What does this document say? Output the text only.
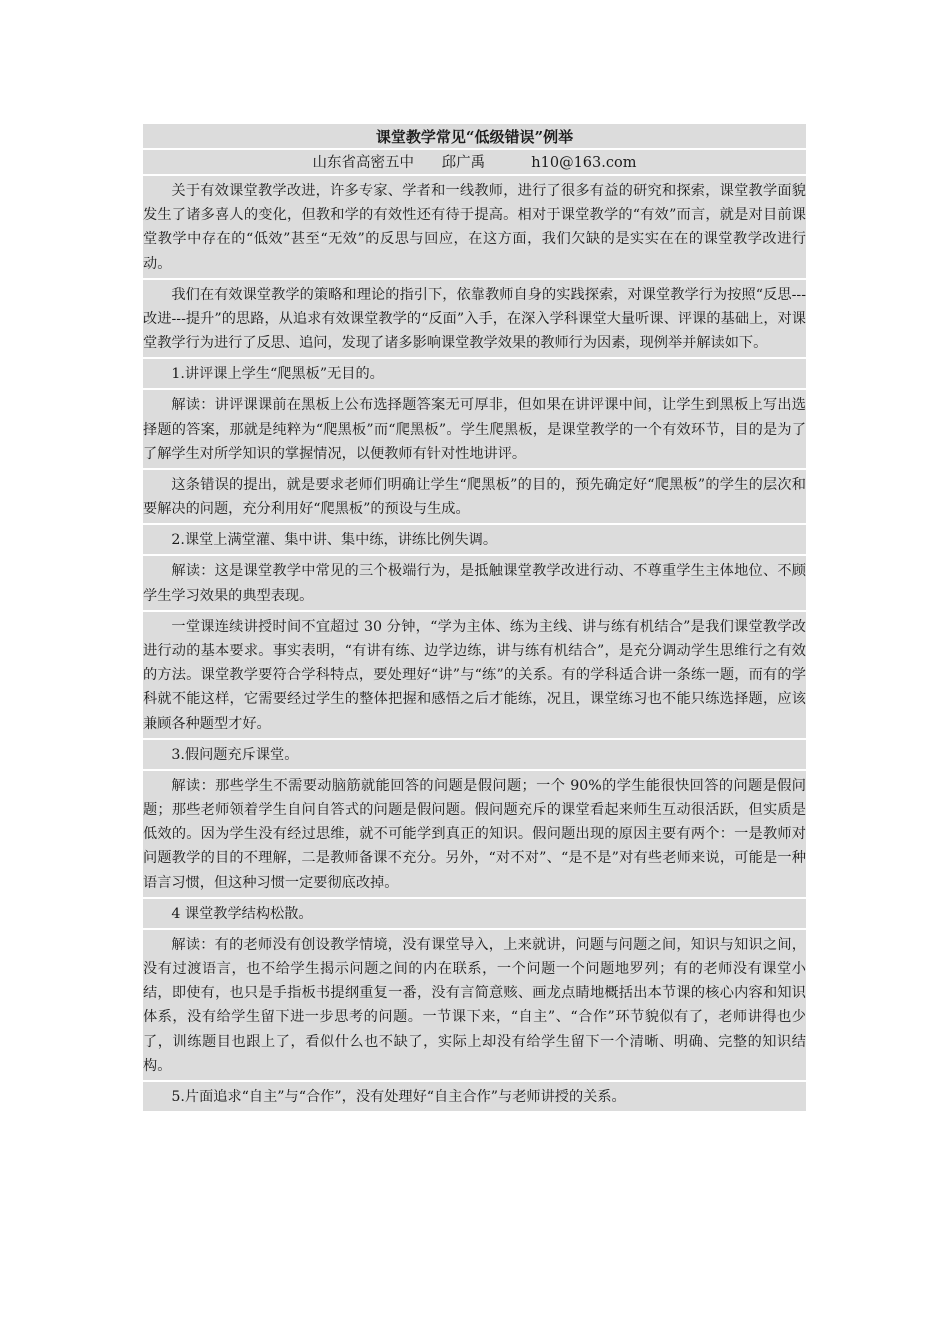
课堂教学常见“低级错误”例举
山东省高密五中      邱广禹          h10@163.com

关于有效课堂教学改进，许多专家、学者和一线教师，进行了很多有益的研究和探索，课堂教学面貌发生了诸多喜人的变化，但教和学的有效性还有待于提高。相对于课堂教学的“有效”而言，就是对目前课堂教学中存在的“低效”甚至“无效”的反思与回应，在这方面，我们欠缺的是实实在在的课堂教学改进行动。

我们在有效课堂教学的策略和理论的指引下，依靠教师自身的实践探索，对课堂教学行为按照“反思---改进---提升”的思路，从追求有效课堂教学的“反面”入手，在深入学科课堂大量听课、评课的基础上，对课堂教学行为进行了反思、追问，发现了诸多影响课堂教学效果的教师行为因素，现例举并解读如下。

1.讲评课上学生“爬黑板”无目的。

解读：讲评课课前在黑板上公布选择题答案无可厚非，但如果在讲评课中间，让学生到黑板上写出选择题的答案，那就是纯粹为“爬黑板”而“爬黑板”。学生爬黑板，是课堂教学的一个有效环节，目的是为了了解学生对所学知识的掌握情况，以便教师有针对性地讲评。

这条错误的提出，就是要求老师们明确让学生“爬黑板”的目的，预先确定好“爬黑板”的学生的层次和要解决的问题，充分利用好“爬黑板”的预设与生成。

2.课堂上满堂灌、集中讲、集中练，讲练比例失调。

解读：这是课堂教学中常见的三个极端行为，是抵触课堂教学改进行动、不尊重学生主体地位、不顾学生学习效果的典型表现。

一堂课连续讲授时间不宜超过 30 分钟，“学为主体、练为主线、讲与练有机结合”是我们课堂教学改进行动的基本要求。事实表明，“有讲有练、边学边练，讲与练有机结合”，是充分调动学生思维行之有效的方法。课堂教学要符合学科特点，要处理好“讲”与“练”的关系。有的学科适合讲一条练一题，而有的学科就不能这样，它需要经过学生的整体把握和感悟之后才能练，况且，课堂练习也不能只练选择题，应该兼顾各种题型才好。

3.假问题充斥课堂。

解读：那些学生不需要动脑筋就能回答的问题是假问题；一个 90%的学生能很快回答的问题是假问题；那些老师领着学生自问自答式的问题是假问题。假问题充斥的课堂看起来师生互动很活跃，但实质是低效的。因为学生没有经过思维，就不可能学到真正的知识。假问题出现的原因主要有两个：一是教师对问题教学的目的不理解，二是教师备课不充分。另外，“对不对”、“是不是”对有些老师来说，可能是一种语言习惯，但这种习惯一定要彻底改掉。

4 课堂教学结构松散。

解读：有的老师没有创设教学情境，没有课堂导入，上来就讲，问题与问题之间，知识与知识之间，没有过渡语言，也不给学生揭示问题之间的内在联系，一个问题一个问题地罗列；有的老师没有课堂小结，即使有，也只是手指板书提纲重复一番，没有言简意赅、画龙点睛地概括出本节课的核心内容和知识体系，没有给学生留下进一步思考的问题。一节课下来，“自主”、“合作”环节貌似有了，老师讲得也少了，训练题目也跟上了，看似什么也不缺了，实际上却没有给学生留下一个清晰、明确、完整的知识结构。

5.片面追求“自主”与“合作”，没有处理好“自主合作”与老师讲授的关系。
